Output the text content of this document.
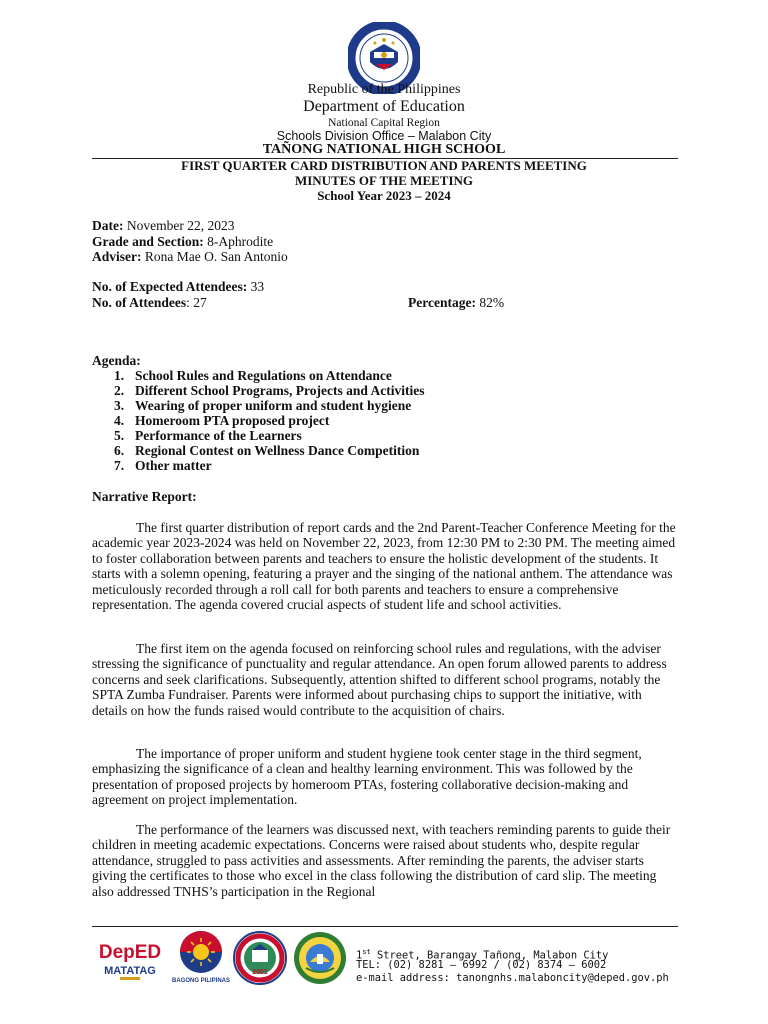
Republic of the Philippines
Department of Education
National Capital Region
Schools Division Office – Malabon City
TAÑONG NATIONAL HIGH SCHOOL
FIRST QUARTER CARD DISTRIBUTION AND PARENTS MEETING
MINUTES OF THE MEETING
School Year 2023 – 2024
Date: November 22, 2023
Grade and Section: 8-Aphrodite
Adviser: Rona Mae O. San Antonio
No. of Expected Attendees: 33
No. of Attendees: 27	Percentage: 82%
Agenda:
1. School Rules and Regulations on Attendance
2. Different School Programs, Projects and Activities
3. Wearing of proper uniform and student hygiene
4. Homeroom PTA proposed project
5. Performance of the Learners
6. Regional Contest on Wellness Dance Competition
7. Other matter
Narrative Report:

The first quarter distribution of report cards and the 2nd Parent-Teacher Conference Meeting for the academic year 2023-2024 was held on November 22, 2023, from 12:30 PM to 2:30 PM. The meeting aimed to foster collaboration between parents and teachers to ensure the holistic development of the students. It starts with a solemn opening, featuring a prayer and the singing of the national anthem. The attendance was meticulously recorded through a roll call for both parents and teachers to ensure a comprehensive representation. The agenda covered crucial aspects of student life and school activities.

The first item on the agenda focused on reinforcing school rules and regulations, with the adviser stressing the significance of punctuality and regular attendance. An open forum allowed parents to address concerns and seek clarifications. Subsequently, attention shifted to different school programs, notably the SPTA Zumba Fundraiser. Parents were informed about purchasing chips to support the initiative, with details on how the funds raised would contribute to the acquisition of chairs.

The importance of proper uniform and student hygiene took center stage in the third segment, emphasizing the significance of a clean and healthy learning environment. This was followed by the presentation of proposed projects by homeroom PTAs, fostering collaborative decision-making and agreement on project implementation.

The performance of the learners was discussed next, with teachers reminding parents to guide their children in meeting academic expectations. Concerns were raised about students who, despite regular attendance, struggled to pass activities and assessments. After reminding the parents, the adviser starts giving the certificates to those who excel in the class following the distribution of card slip. The meeting also addressed TNHS’s participation in the Regional

DepED
MATATAG
BAGONG PILIPINAS
2001
1st Street, Barangay Tañong, Malabon City
TEL: (02) 8281 – 6992 / (02) 8374 – 6002
e-mail address: tanongnhs.malaboncity@deped.gov.ph
